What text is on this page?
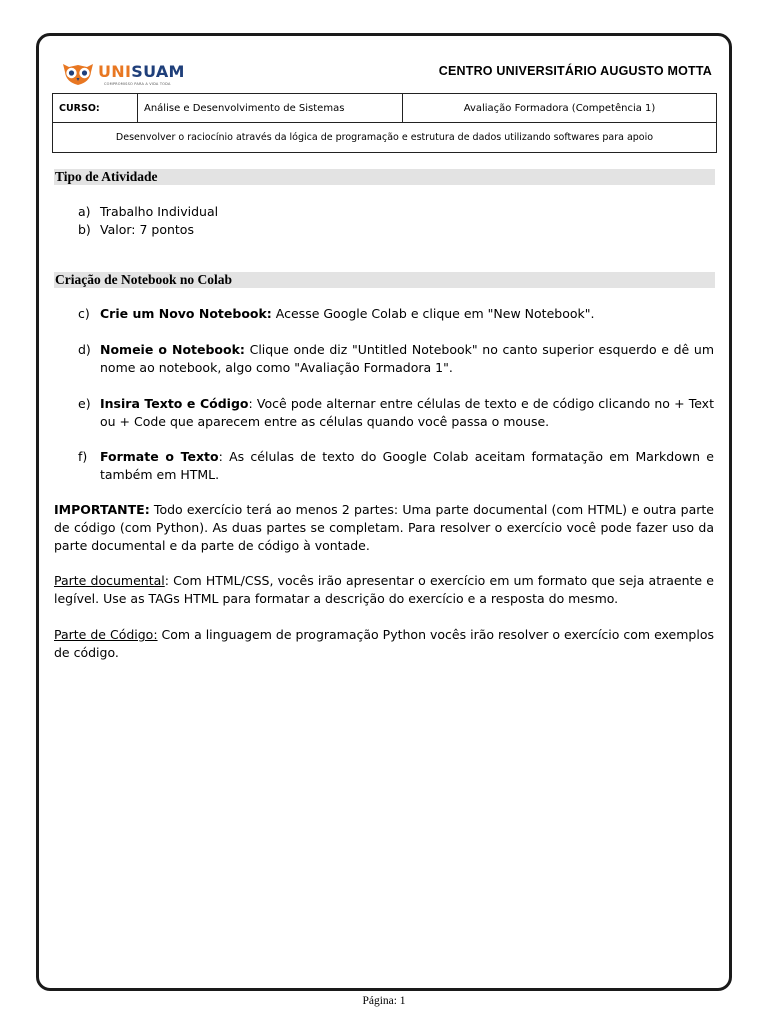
UNISUAM
COMPROMISSO PARA A VIDA TODA
CENTRO UNIVERSITÁRIO AUGUSTO MOTTA
CURSO:	Análise e Desenvolvimento de Sistemas	Avaliação Formadora (Competência 1)
Desenvolver o raciocínio através da lógica de programação e estrutura de dados utilizando softwares para apoio
Tipo de Atividade
a) Trabalho Individual
b) Valor: 7 pontos
Criação de Notebook no Colab
c) Crie um Novo Notebook: Acesse Google Colab e clique em "New Notebook".
d) Nomeie o Notebook: Clique onde diz "Untitled Notebook" no canto superior esquerdo e dê um nome ao notebook, algo como "Avaliação Formadora 1".
e) Insira Texto e Código: Você pode alternar entre células de texto e de código clicando no + Text ou + Code que aparecem entre as células quando você passa o mouse.
f)	Formate o Texto: As células de texto do Google Colab aceitam formatação em Markdown e também em HTML.
IMPORTANTE: Todo exercício terá ao menos 2 partes: Uma parte documental (com HTML) e outra parte de código (com Python). As duas partes se completam. Para resolver o exercício você pode fazer uso da parte documental e da parte de código à vontade.
Parte documental: Com HTML/CSS, vocês irão apresentar o exercício em um formato que seja atraente e legível. Use as TAGs HTML para formatar a descrição do exercício e a resposta do mesmo.
Parte de Código: Com a linguagem de programação Python vocês irão resolver o exercício com exemplos de código.
Página: 1
